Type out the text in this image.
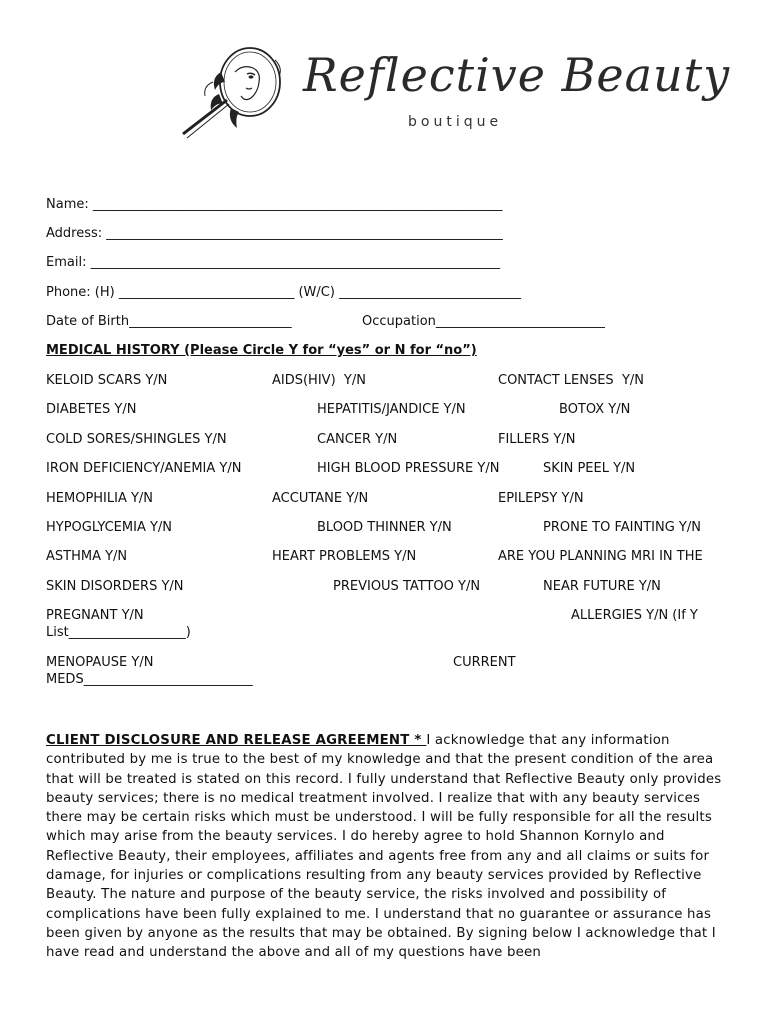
Reflective Beauty
boutique
Name: _______________________________________________________________
Address: _____________________________________________________________
Email: _______________________________________________________________
Phone: (H) ___________________________ (W/C) ____________________________
Date of Birth_________________________	Occupation__________________________
MEDICAL HISTORY (Please Circle Y for “yes” or N for “no”)
KELOID SCARS Y/N	AIDS(HIV)  Y/N	CONTACT LENSES  Y/N
DIABETES Y/N	HEPATITIS/JANDICE Y/N	BOTOX Y/N
COLD SORES/SHINGLES Y/N	CANCER Y/N	FILLERS Y/N
IRON DEFICIENCY/ANEMIA Y/N	HIGH BLOOD PRESSURE Y/N	SKIN PEEL Y/N
HEMOPHILIA Y/N	ACCUTANE Y/N	EPILEPSY Y/N
HYPOGLYCEMIA Y/N	BLOOD THINNER Y/N	PRONE TO FAINTING Y/N
ASTHMA Y/N	HEART PROBLEMS Y/N	ARE YOU PLANNING MRI IN THE
SKIN DISORDERS Y/N	PREVIOUS TATTOO Y/N	NEAR FUTURE Y/N
PREGNANT Y/N	ALLERGIES Y/N (If Y
List__________________)
MENOPAUSE Y/N	CURRENT
MEDS__________________________
CLIENT DISCLOSURE AND RELEASE AGREEMENT * I acknowledge that any information contributed by me is true to the best of my knowledge and that the present condition of the area that will be treated is stated on this record. I fully understand that Reflective Beauty only provides beauty services; there is no medical treatment involved. I realize that with any beauty services there may be certain risks which must be understood. I will be fully responsible for all the results which may arise from the beauty services. I do hereby agree to hold Shannon Kornylo and Reflective Beauty, their employees, affiliates and agents free from any and all claims or suits for damage, for injuries or complications resulting from any beauty services provided by Reflective Beauty. The nature and purpose of the beauty service, the risks involved and possibility of complications have been fully explained to me. I understand that no guarantee or assurance has been given by anyone as the results that may be obtained. By signing below I acknowledge that I have read and understand the above and all of my questions have been
